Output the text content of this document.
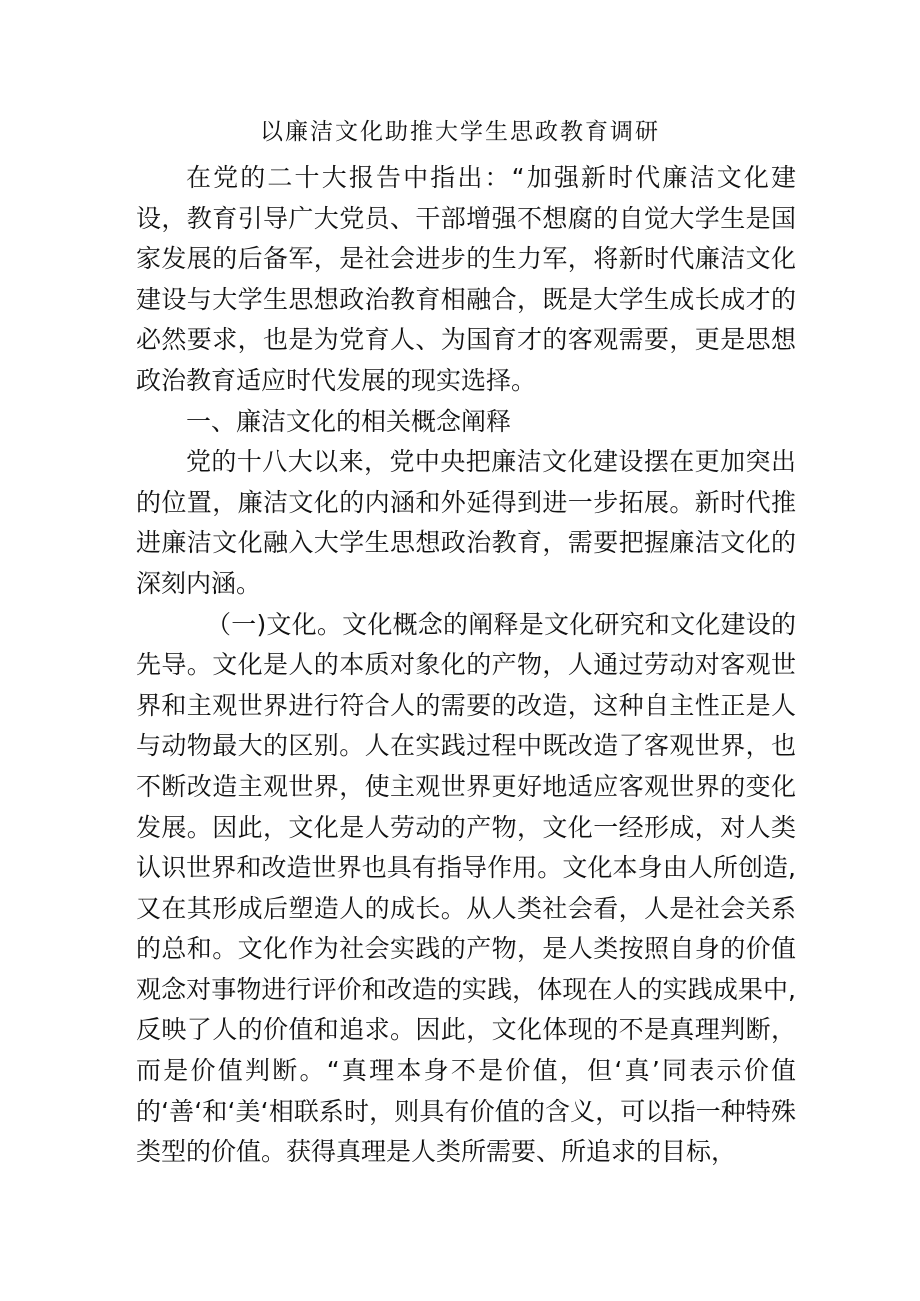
以廉洁文化助推大学生思政教育调研

在党的二十大报告中指出：“加强新时代廉洁文化建设，教育引导广大党员、干部增强不想腐的自觉大学生是国家发展的后备军，是社会进步的生力军，将新时代廉洁文化建设与大学生思想政治教育相融合，既是大学生成长成才的必然要求，也是为党育人、为国育才的客观需要，更是思想政治教育适应时代发展的现实选择。

一、廉洁文化的相关概念阐释

党的十八大以来，党中央把廉洁文化建设摆在更加突出的位置，廉洁文化的内涵和外延得到进一步拓展。新时代推进廉洁文化融入大学生思想政治教育，需要把握廉洁文化的深刻内涵。

（一)文化。文化概念的阐释是文化研究和文化建设的先导。文化是人的本质对象化的产物，人通过劳动对客观世界和主观世界进行符合人的需要的改造，这种自主性正是人与动物最大的区别。人在实践过程中既改造了客观世界，也不断改造主观世界，使主观世界更好地适应客观世界的变化发展。因此，文化是人劳动的产物，文化一经形成，对人类认识世界和改造世界也具有指导作用。文化本身由人所创造,又在其形成后塑造人的成长。从人类社会看，人是社会关系的总和。文化作为社会实践的产物，是人类按照自身的价值观念对事物进行评价和改造的实践，体现在人的实践成果中,反映了人的价值和追求。因此，文化体现的不是真理判断，而是价值判断。“真理本身不是价值，但‘真’同表示价值的‘善‘和‘美‘相联系时，则具有价值的含义，可以指一种特殊类型的价值。获得真理是人类所需要、所追求的目标，
